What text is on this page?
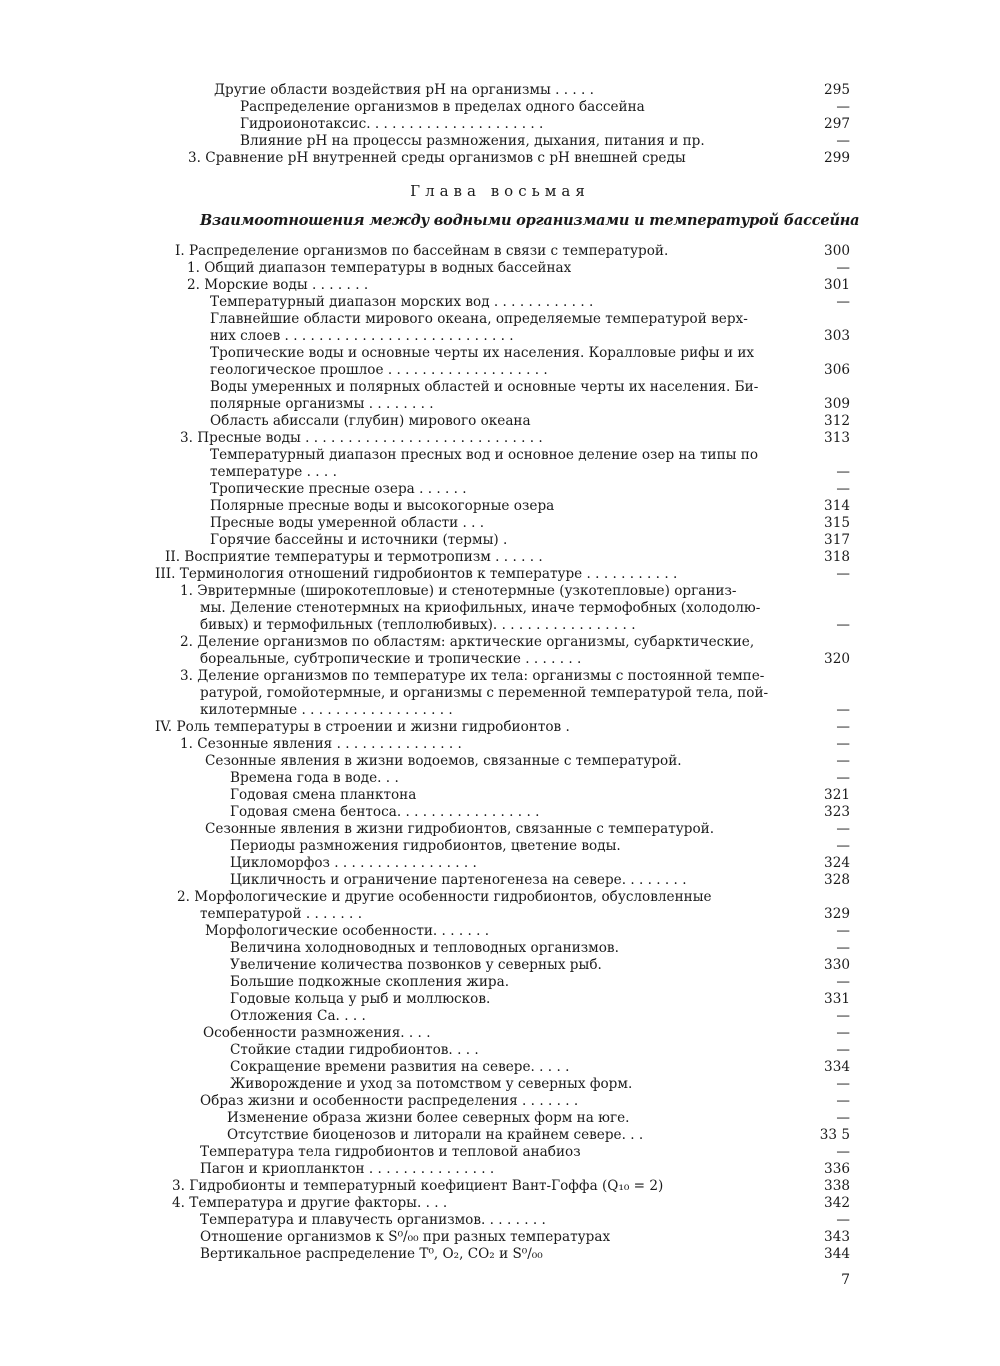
Другие области воздействия рН на организмы . . . . .	295
Распределение организмов в пределах одного бассейна	—
Гидроионотаксис. . . . . . . . . . . . . . . . . . . . .	297
Влияние рН на процессы размножения, дыхания, питания и пр.	—
3. Сравнение рН внутренней среды организмов с рН внешней среды	299
Глава восьмая
Взаимоотношения между водными организмами и температурой бассейна
I. Распределение организмов по бассейнам в связи с температурой.	300
1. Общий диапазон температуры в водных бассейнах	—
2. Морские воды . . . . . . .	301
Температурный диапазон морских вод . . . . . . . . . . . .	—
Главнейшие области мирового океана, определяемые температурой верх-
них слоев . . . . . . . . . . . . . . . . . . . . . . . . . . .	303
Тропические воды и основные черты их населения. Коралловые рифы и их
геологическое прошлое . . . . . . . . . . . . . . . . . . .	306
Воды умеренных и полярных областей и основные черты их населения. Би-
полярные организмы . . . . . . . .	309
Область абиссали (глубин) мирового океана	312
3. Пресные воды . . . . . . . . . . . . . . . . . . . . . . . . . . . .	313
Температурный диапазон пресных вод и основное деление озер на типы по
температуре . . . .	—
Тропические пресные озера . . . . . .	—
Полярные пресные воды и высокогорные озера	314
Пресные воды умеренной области . . .	315
Горячие бассейны и источники (термы) .	317
II. Восприятие температуры и термотропизм . . . . . .	318
III. Терминология отношений гидробионтов к температуре . . . . . . . . . . .	—
1. Эвритермные (широкотепловые) и стенотермные (узкотепловые) организ-
мы. Деление стенотермных на криофильных, иначе термофобных (холодолю-
бивых) и термофильных (теплолюбивых). . . . . . . . . . . . . . . . .	—
2. Деление организмов по областям: арктические организмы, субарктические,
бореальные, субтропические и тропические . . . . . . .	320
3. Деление организмов по температуре их тела: организмы с постоянной темпе-
ратурой, гомойотермные, и организмы с переменной температурой тела, пой-
килотермные . . . . . . . . . . . . . . . . . .	—
IV. Роль температуры в строении и жизни гидробионтов .	—
1. Сезонные явления . . . . . . . . . . . . . . .	—
Сезонные явления в жизни водоемов, связанные с температурой.	—
Времена года в воде. . .	—
Годовая смена планктона	321
Годовая смена бентоса. . . . . . . . . . . . . . . . .	323
Сезонные явления в жизни гидробионтов, связанные с температурой.	—
Периоды размножения гидробионтов, цветение воды.	—
Цикломорфоз . . . . . . . . . . . . . . . . .	324
Цикличность и ограничение партеногенеза на севере. . . . . . . .	328
2. Морфологические и другие особенности гидробионтов, обусловленные
температурой . . . . . . .	329
Морфологические особенности. . . . . . .	—
Величина холодноводных и тепловодных организмов.	—
Увеличение количества позвонков у северных рыб.	330
Большие подкожные скопления жира.	—
Годовые кольца у рыб и моллюсков.	331
Отложения Са. . . .	—
Особенности размножения. . . .	—
Стойкие стадии гидробионтов. . . .	—
Сокращение времени развития на севере. . . . .	334
Живорождение и уход за потомством у северных форм.	—
Образ жизни и особенности распределения . . . . . . .	—
Изменение образа жизни более северных форм на юге.	—
Отсутствие биоценозов и литорали на крайнем севере. . .	33 5
Температура тела гидробионтов и тепловой анабиоз	—
Пагон и криопланктон . . . . . . . . . . . . . . .	336
3. Гидробионты и температурный коефициент Вант-Гоффа (Q₁₀ = 2)	338
4. Температура и другие факторы. . . .	342
Температура и плавучесть организмов. . . . . . . .	—
Отношение организмов к S⁰/₀₀ при разных температурах	343
Вертикальное распределение T⁰, O₂, CO₂ и S⁰/₀₀	344
7
